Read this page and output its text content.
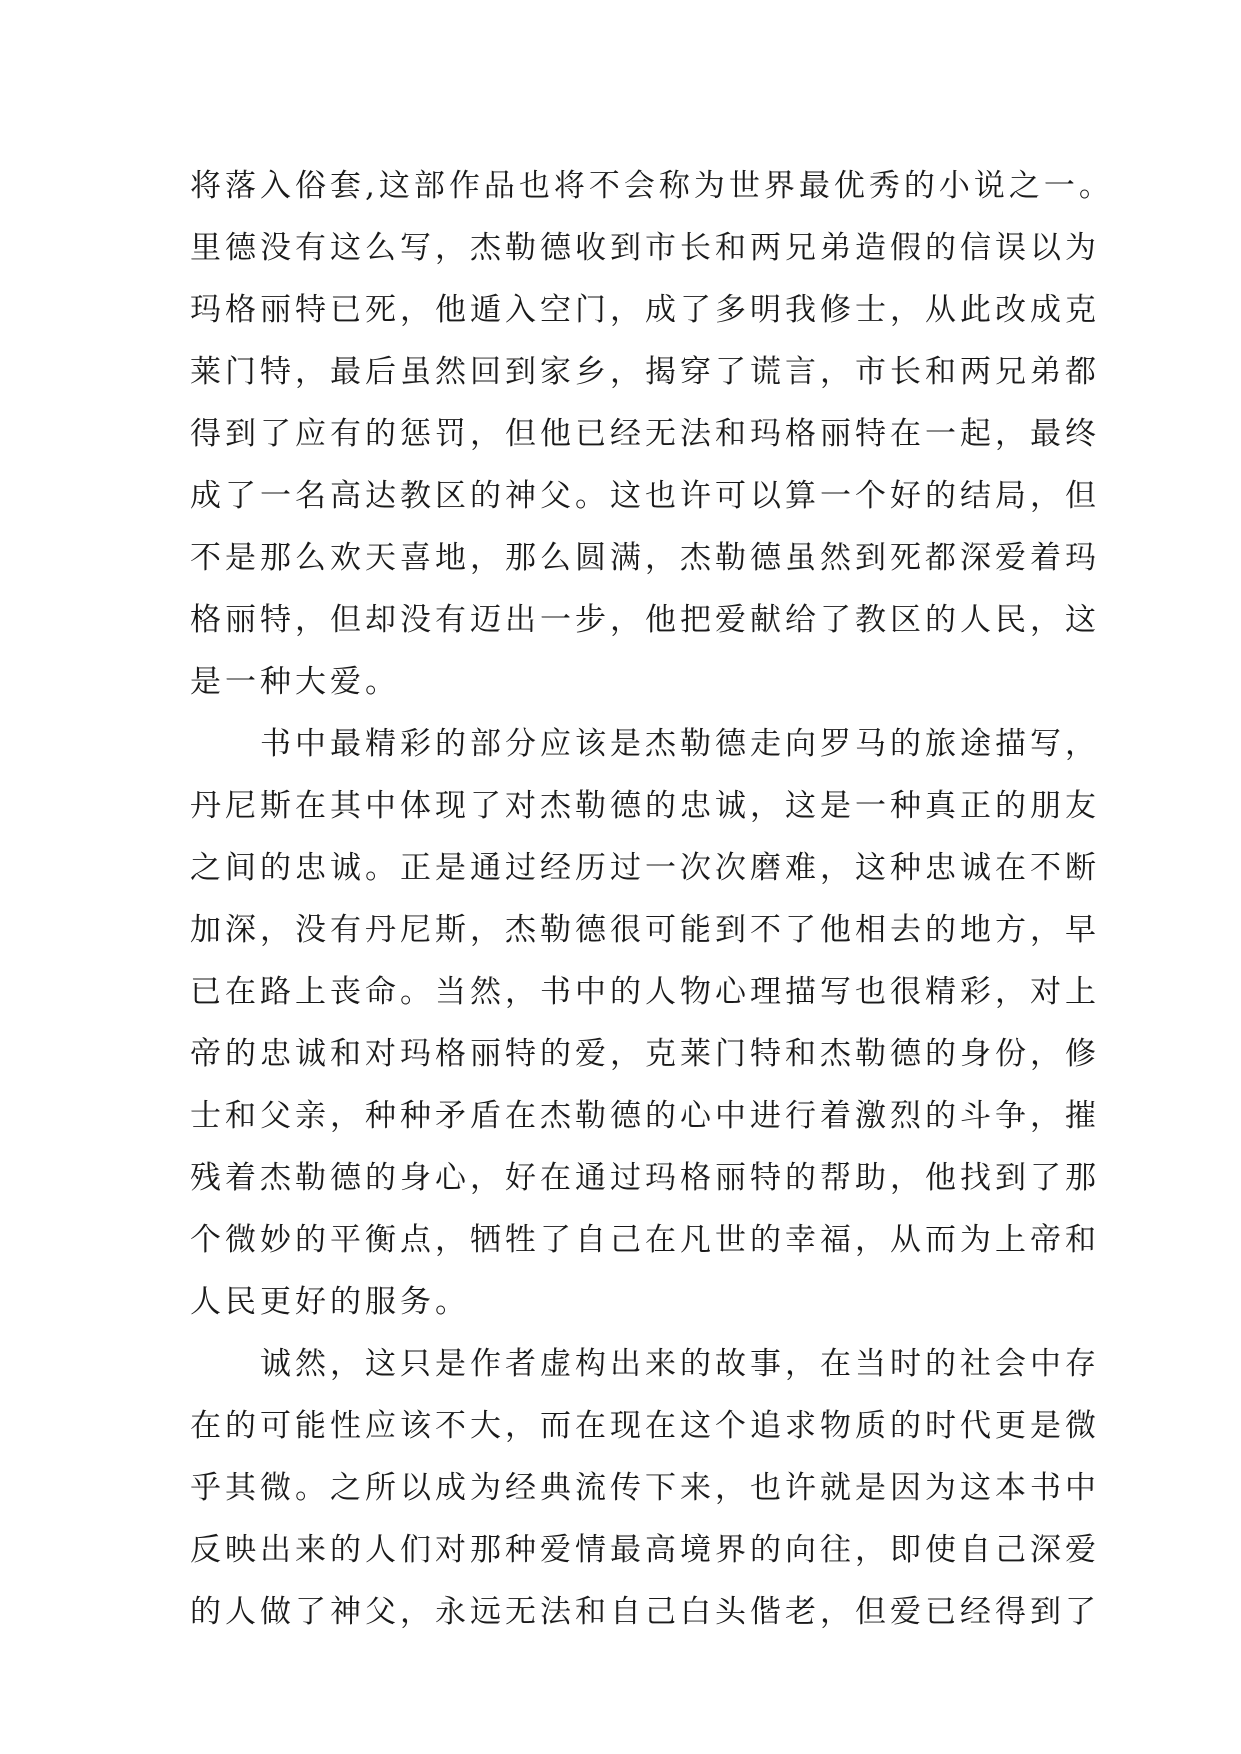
将落入俗套,这部作品也将不会称为世界最优秀的小说之一。
里德没有这么写，杰勒德收到市长和两兄弟造假的信误以为
玛格丽特已死，他遁入空门，成了多明我修士，从此改成克
莱门特，最后虽然回到家乡，揭穿了谎言，市长和两兄弟都
得到了应有的惩罚，但他已经无法和玛格丽特在一起，最终
成了一名高达教区的神父。这也许可以算一个好的结局，但
不是那么欢天喜地，那么圆满，杰勒德虽然到死都深爱着玛
格丽特，但却没有迈出一步，他把爱献给了教区的人民，这
是一种大爱。
书中最精彩的部分应该是杰勒德走向罗马的旅途描写，
丹尼斯在其中体现了对杰勒德的忠诚，这是一种真正的朋友
之间的忠诚。正是通过经历过一次次磨难，这种忠诚在不断
加深，没有丹尼斯，杰勒德很可能到不了他相去的地方，早
已在路上丧命。当然，书中的人物心理描写也很精彩，对上
帝的忠诚和对玛格丽特的爱，克莱门特和杰勒德的身份，修
士和父亲，种种矛盾在杰勒德的心中进行着激烈的斗争，摧
残着杰勒德的身心，好在通过玛格丽特的帮助，他找到了那
个微妙的平衡点，牺牲了自己在凡世的幸福，从而为上帝和
人民更好的服务。
诚然，这只是作者虚构出来的故事，在当时的社会中存
在的可能性应该不大，而在现在这个追求物质的时代更是微
乎其微。之所以成为经典流传下来，也许就是因为这本书中
反映出来的人们对那种爱情最高境界的向往，即使自己深爱
的人做了神父，永远无法和自己白头偕老，但爱已经得到了
